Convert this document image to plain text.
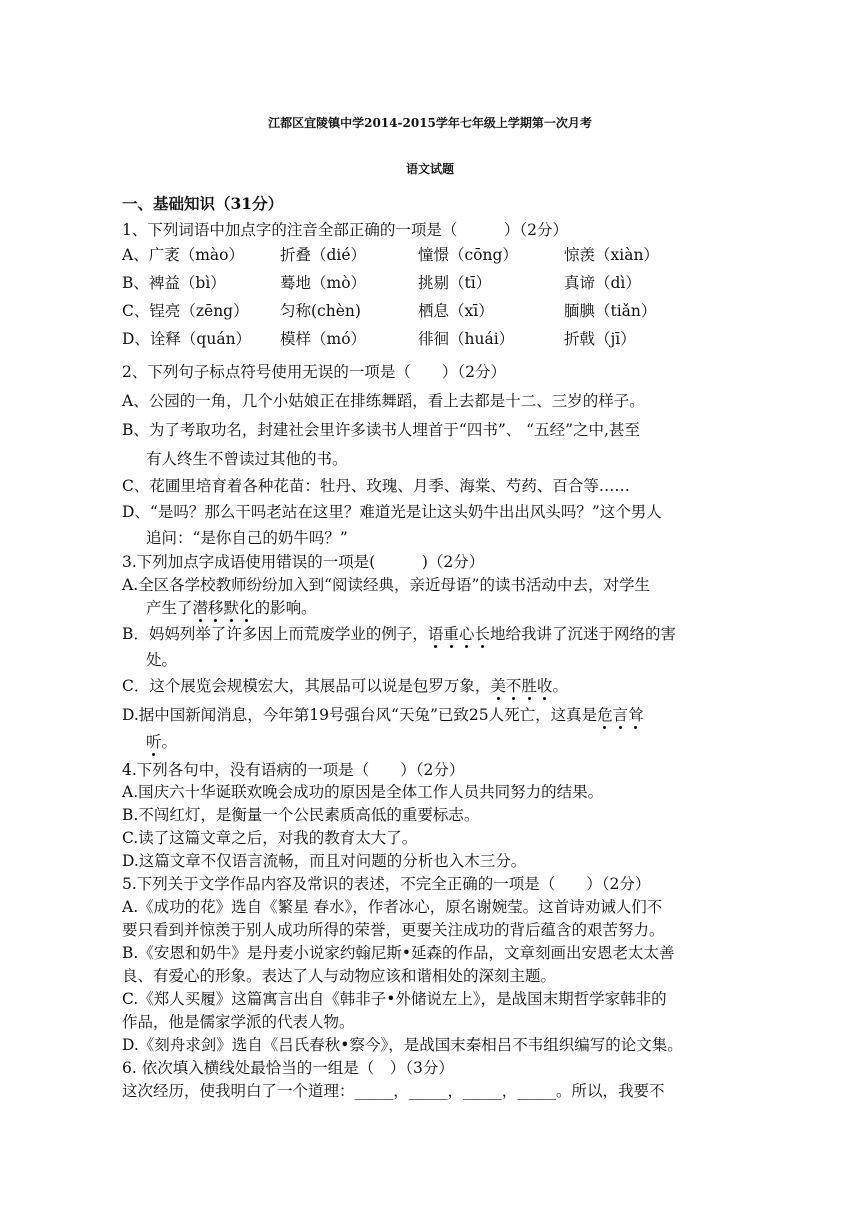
江都区宜陵镇中学2014-2015学年七年级上学期第一次月考
语文试题
一、基础知识（31分）
1、下列词语中加点字的注音全部正确的一项是（　　　）（2分）
A、广袤（mào） 折叠（dié）	憧憬（cōng）	惊羡（xiàn）
B、裨益（bì）	蓦地（mò）	挑剔（tī）	真谛（dì）
C、锃亮（zēng） 匀称(chèn)	栖息（xī）	腼腆（tiǎn）
D、诠释（quán） 模样（mó）	徘徊（huái）	折戟（jī）
2、下列句子标点符号使用无误的一项是（　　）（2分）
A、公园的一角，几个小姑娘正在排练舞蹈，看上去都是十二、三岁的样子。
B、为了考取功名，封建社会里许多读书人埋首于“四书”、 “五经”之中,甚至
有人终生不曾读过其他的书。
C、花圃里培育着各种花苗：牡丹、玫瑰、月季、海棠、芍药、百合等……
D、“是吗？那么干吗老站在这里？难道光是让这头奶牛出出风头吗？”这个男人
追问：“是你自己的奶牛吗？”
3.下列加点字成语使用错误的一项是(　　　)（2分）
A.全区各学校教师纷纷加入到“阅读经典，亲近母语”的读书活动中去，对学生
产生了潜移默化的影响。
B．妈妈列举了许多因上而荒废学业的例子，语重心长地给我讲了沉迷于网络的害
处。
C．这个展览会规模宏大，其展品可以说是包罗万象，美不胜收。
D.据中国新闻消息，今年第19号强台风“天兔”已致25人死亡，这真是危言耸
听。
4.下列各句中，没有语病的一项是（　　）（2分）
A.国庆六十华诞联欢晚会成功的原因是全体工作人员共同努力的结果。
B.不闯红灯，是衡量一个公民素质高低的重要标志。
C.读了这篇文章之后，对我的教育太大了。
D.这篇文章不仅语言流畅，而且对问题的分析也入木三分。
5.下列关于文学作品内容及常识的表述，不完全正确的一项是（　　）（2分）
A.《成功的花》选自《繁星 春水》，作者冰心，原名谢婉莹。这首诗劝诫人们不
要只看到并惊羡于别人成功所得的荣誉，更要关注成功的背后蕴含的艰苦努力。
B.《安恩和奶牛》是丹麦小说家约翰尼斯•延森的作品，文章刻画出安恩老太太善
良、有爱心的形象。表达了人与动物应该和谐相处的深刻主题。
C.《郑人买履》这篇寓言出自《韩非子•外储说左上》，是战国末期哲学家韩非的
作品，他是儒家学派的代表人物。
D.《刻舟求剑》选自《吕氏春秋•察今》，是战国末秦相吕不韦组织编写的论文集。
6. 依次填入横线处最恰当的一组是（　）（3分）
这次经历，使我明白了一个道理：_____，_____，_____，_____。所以，我要不
